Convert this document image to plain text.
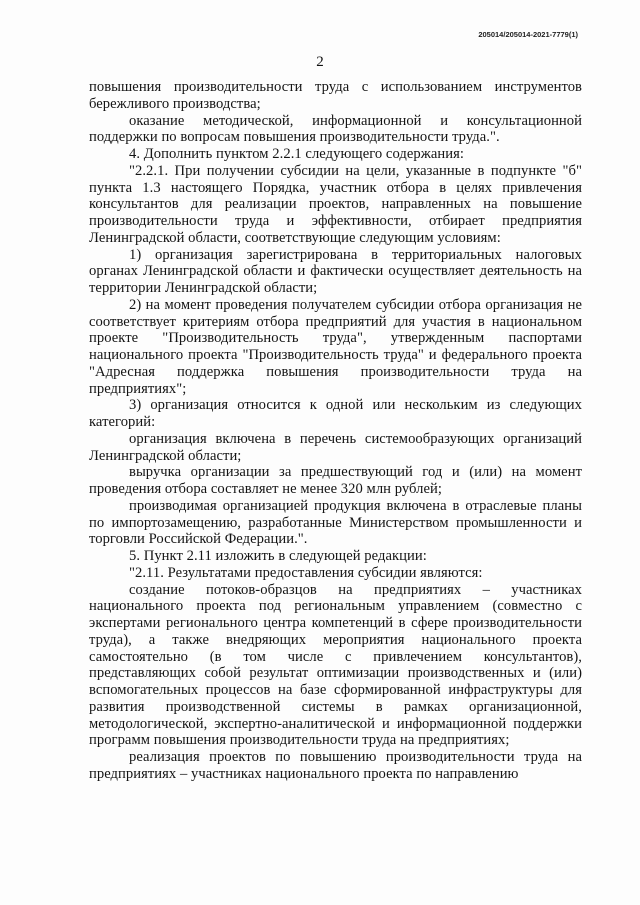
205014/205014-2021-7779(1)
2

повышения производительности труда с использованием инструментов бережливого производства;

оказание методической, информационной и консультационной поддержки по вопросам повышения производительности труда.".

4. Дополнить пунктом 2.2.1 следующего содержания:

"2.2.1. При получении субсидии на цели, указанные в подпункте "б" пункта 1.3 настоящего Порядка, участник отбора в целях привлечения консультантов для реализации проектов, направленных на повышение производительности труда и эффективности, отбирает предприятия Ленинградской области, соответствующие следующим условиям:

1) организация зарегистрирована в территориальных налоговых органах Ленинградской области и фактически осуществляет деятельность на территории Ленинградской области;

2) на момент проведения получателем субсидии отбора организация не соответствует критериям отбора предприятий для участия в национальном проекте "Производительность труда", утвержденным паспортами национального проекта "Производительность труда" и федерального проекта "Адресная поддержка повышения производительности труда на предприятиях";

3) организация относится к одной или нескольким из следующих категорий:

организация включена в перечень системообразующих организаций Ленинградской области;

выручка организации за предшествующий год и (или) на момент проведения отбора составляет не менее 320 млн рублей;

производимая организацией продукция включена в отраслевые планы по импортозамещению, разработанные Министерством промышленности и торговли Российской Федерации.".

5. Пункт 2.11 изложить в следующей редакции:

"2.11. Результатами предоставления субсидии являются:

создание потоков-образцов на предприятиях – участниках национального проекта под региональным управлением (совместно с экспертами регионального центра компетенций в сфере производительности труда), а также внедряющих мероприятия национального проекта самостоятельно (в том числе с привлечением консультантов), представляющих собой результат оптимизации производственных и (или) вспомогательных процессов на базе сформированной инфраструктуры для развития производственной системы в рамках организационной, методологической, экспертно-аналитической и информационной поддержки программ повышения производительности труда на предприятиях;

реализация проектов по повышению производительности труда на предприятиях – участниках национального проекта по направлению
